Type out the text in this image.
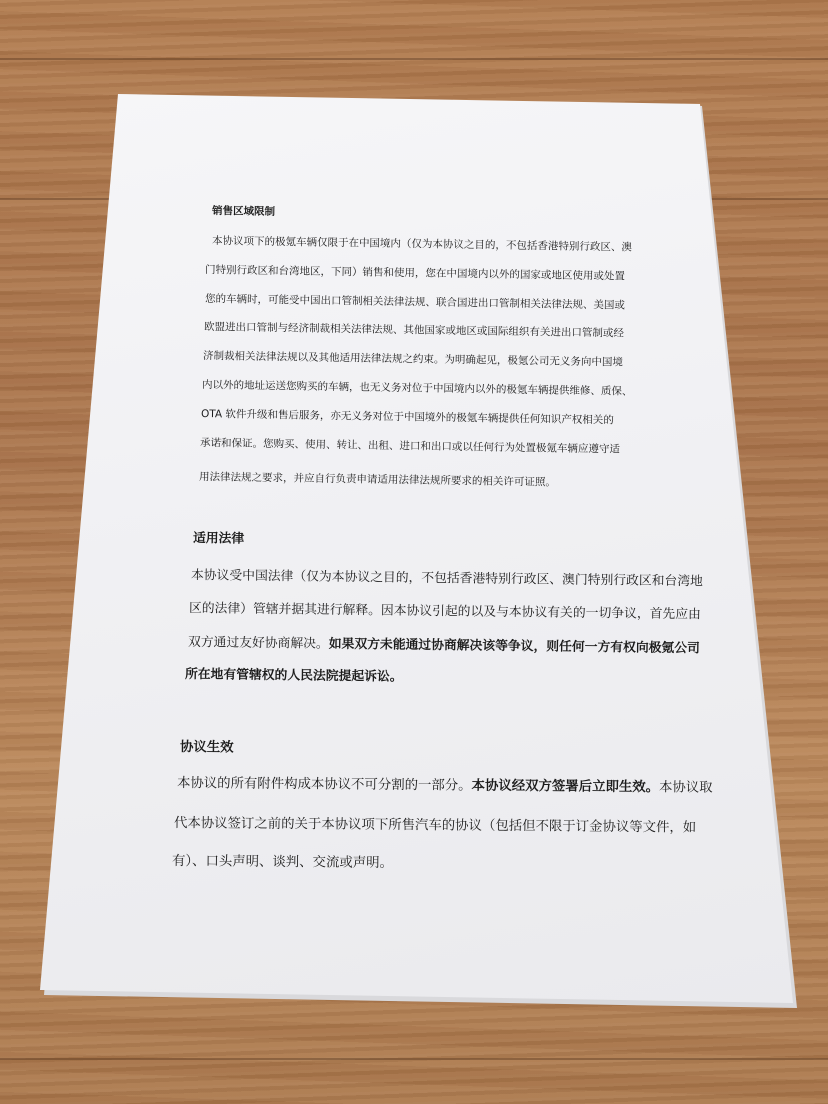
销售区域限制
本协议项下的极氪车辆仅限于在中国境内（仅为本协议之目的，不包括香港特别行政区、澳
门特别行政区和台湾地区，下同）销售和使用，您在中国境内以外的国家或地区使用或处置
您的车辆时，可能受中国出口管制相关法律法规、联合国进出口管制相关法律法规、美国或
欧盟进出口管制与经济制裁相关法律法规、其他国家或地区或国际组织有关进出口管制或经
济制裁相关法律法规以及其他适用法律法规之约束。为明确起见，极氪公司无义务向中国境
内以外的地址运送您购买的车辆，也无义务对位于中国境内以外的极氪车辆提供维修、质保、
OTA 软件升级和售后服务，亦无义务对位于中国境外的极氪车辆提供任何知识产权相关的
承诺和保证。您购买、使用、转让、出租、进口和出口或以任何行为处置极氪车辆应遵守适
用法律法规之要求，并应自行负责申请适用法律法规所要求的相关许可证照。
适用法律
本协议受中国法律（仅为本协议之目的，不包括香港特别行政区、澳门特别行政区和台湾地
区的法律）管辖并据其进行解释。因本协议引起的以及与本协议有关的一切争议，首先应由
双方通过友好协商解决。如果双方未能通过协商解决该等争议，则任何一方有权向极氪公司
所在地有管辖权的人民法院提起诉讼。
协议生效
本协议的所有附件构成本协议不可分割的一部分。本协议经双方签署后立即生效。本协议取
代本协议签订之前的关于本协议项下所售汽车的协议（包括但不限于订金协议等文件，如
有）、口头声明、谈判、交流或声明。
